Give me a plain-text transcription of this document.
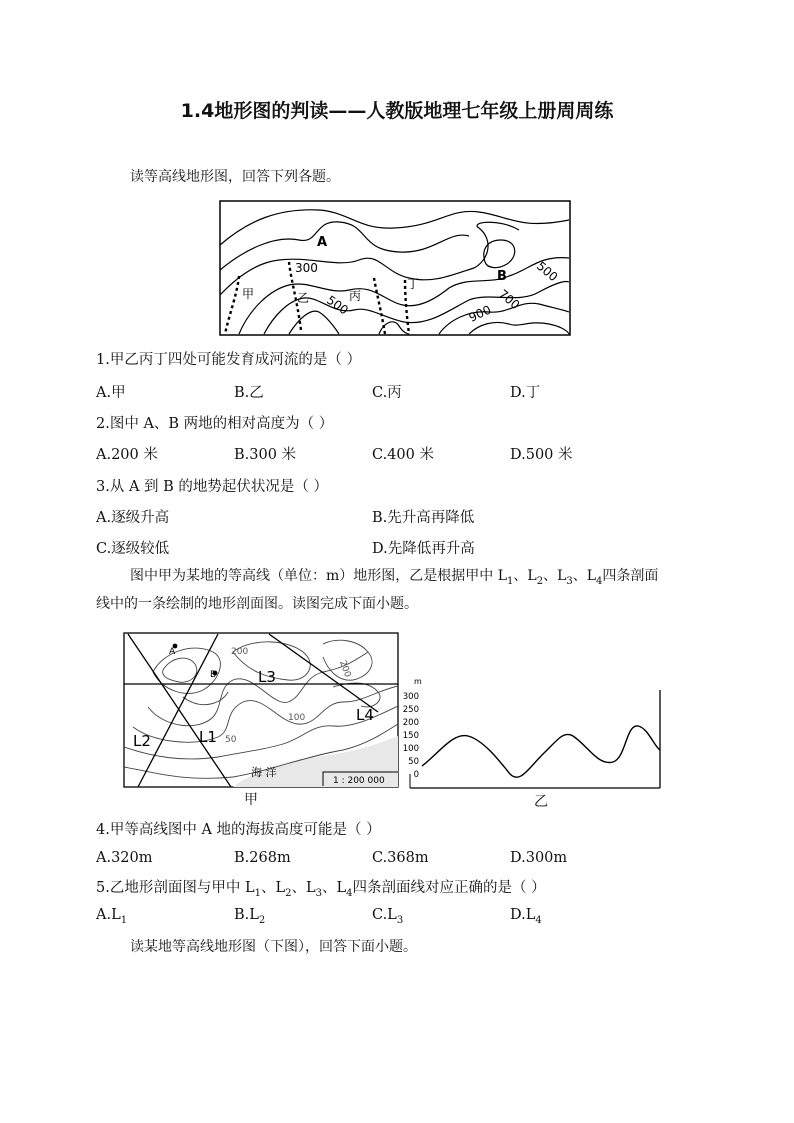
1.4地形图的判读——人教版地理七年级上册周周练
读等高线地形图，回答下列各题。
A
B
甲	乙	丙
丁
300
500
500
700
900
1.甲乙丙丁四处可能发育成河流的是（ ）
A.甲	B.乙	C.丙	D.丁
2.图中 A、B 两地的相对高度为（ ）
A.200 米	B.300 米	C.400 米	D.500 米
3.从 A 到 B 的地势起伏状况是（ ）
A.逐级升高	B.先升高再降低
C.逐级较低	D.先降低再升高
图中甲为某地的等高线（单位：m）地形图，乙是根据甲中 $L_1$、$L_2$、$L_3$、$L_4$四条剖面
线中的一条绘制的地形剖面图。读图完成下面小题。
A
B
200
200
100
50
L3
L4
L1
L2
海 洋
1 : 200 000
甲
m
300
250
200
150
100
50
0
乙
4.甲等高线图中 A 地的海拔高度可能是（ ）
A.320m	B.268m	C.368m	D.300m
5.乙地形剖面图与甲中 $L_1$、$L_2$、$L_3$、$L_4$四条剖面线对应正确的是（ ）
$A.L_1$	$B.L_2$	$C.L_3$	$D.L_4$
读某地等高线地形图（下图），回答下面小题。
